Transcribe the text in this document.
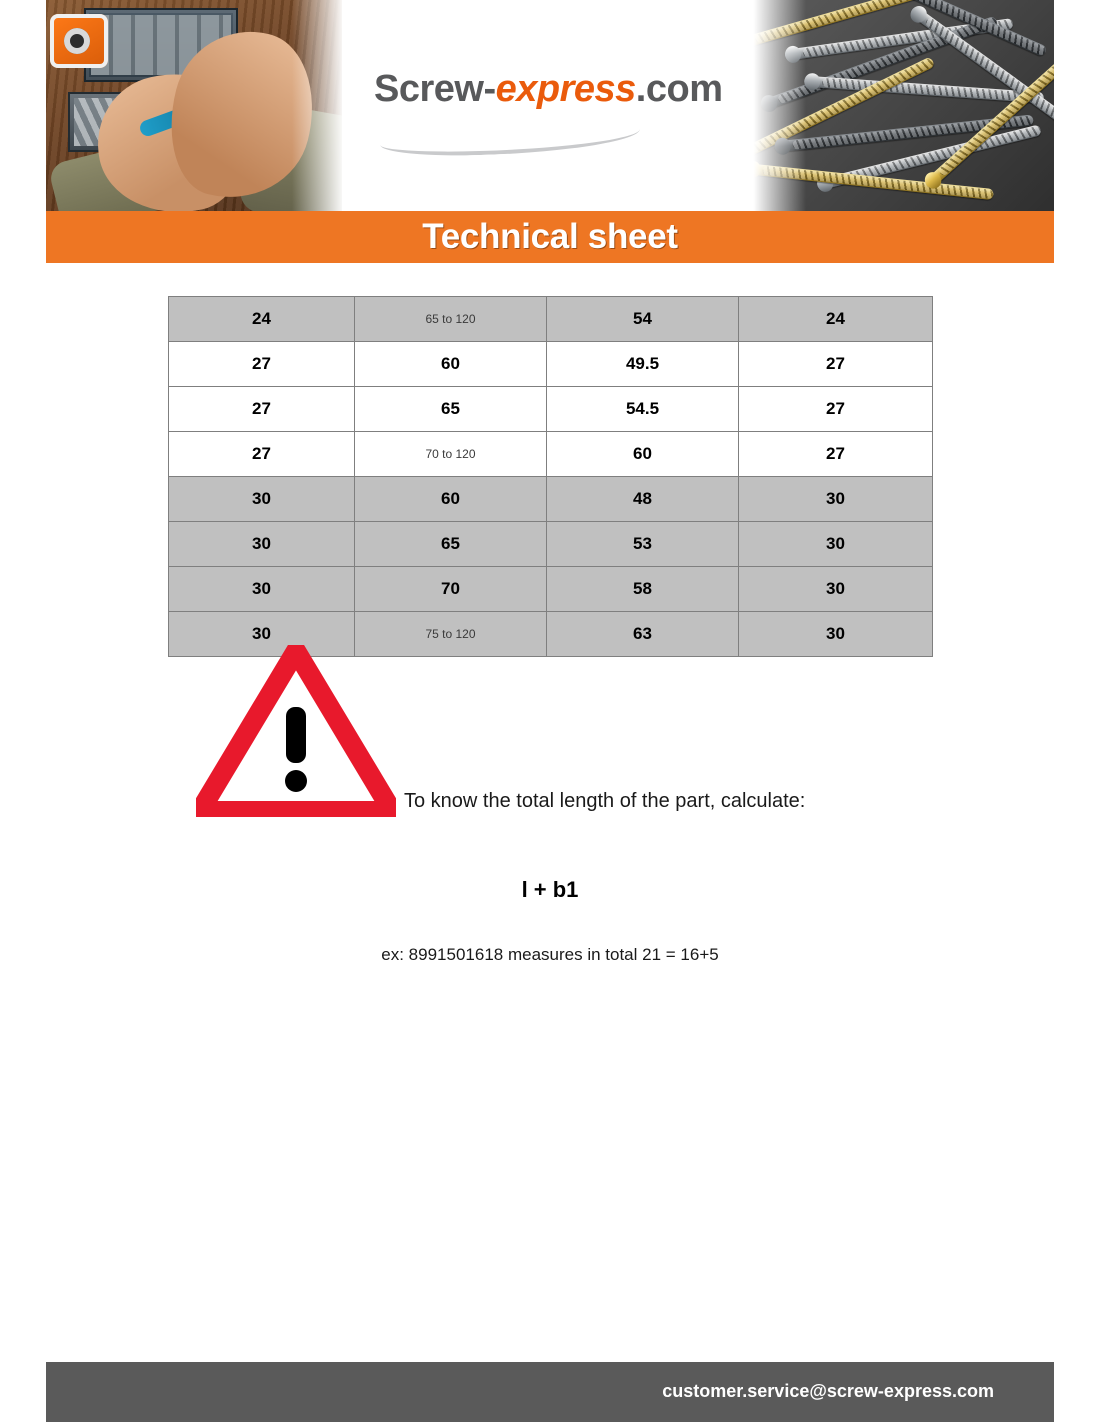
Screw-express.com
Technical sheet
24	65 to 120	54	24
27	60	49.5	27
27	65	54.5	27
27	70 to 120	60	27
30	60	48	30
30	65	53	30
30	70	58	30
30	75 to 120	63	30
To know the total length of the part, calculate:
l + b1
ex: 8991501618 measures in total 21 = 16+5
customer.service@screw-express.com
